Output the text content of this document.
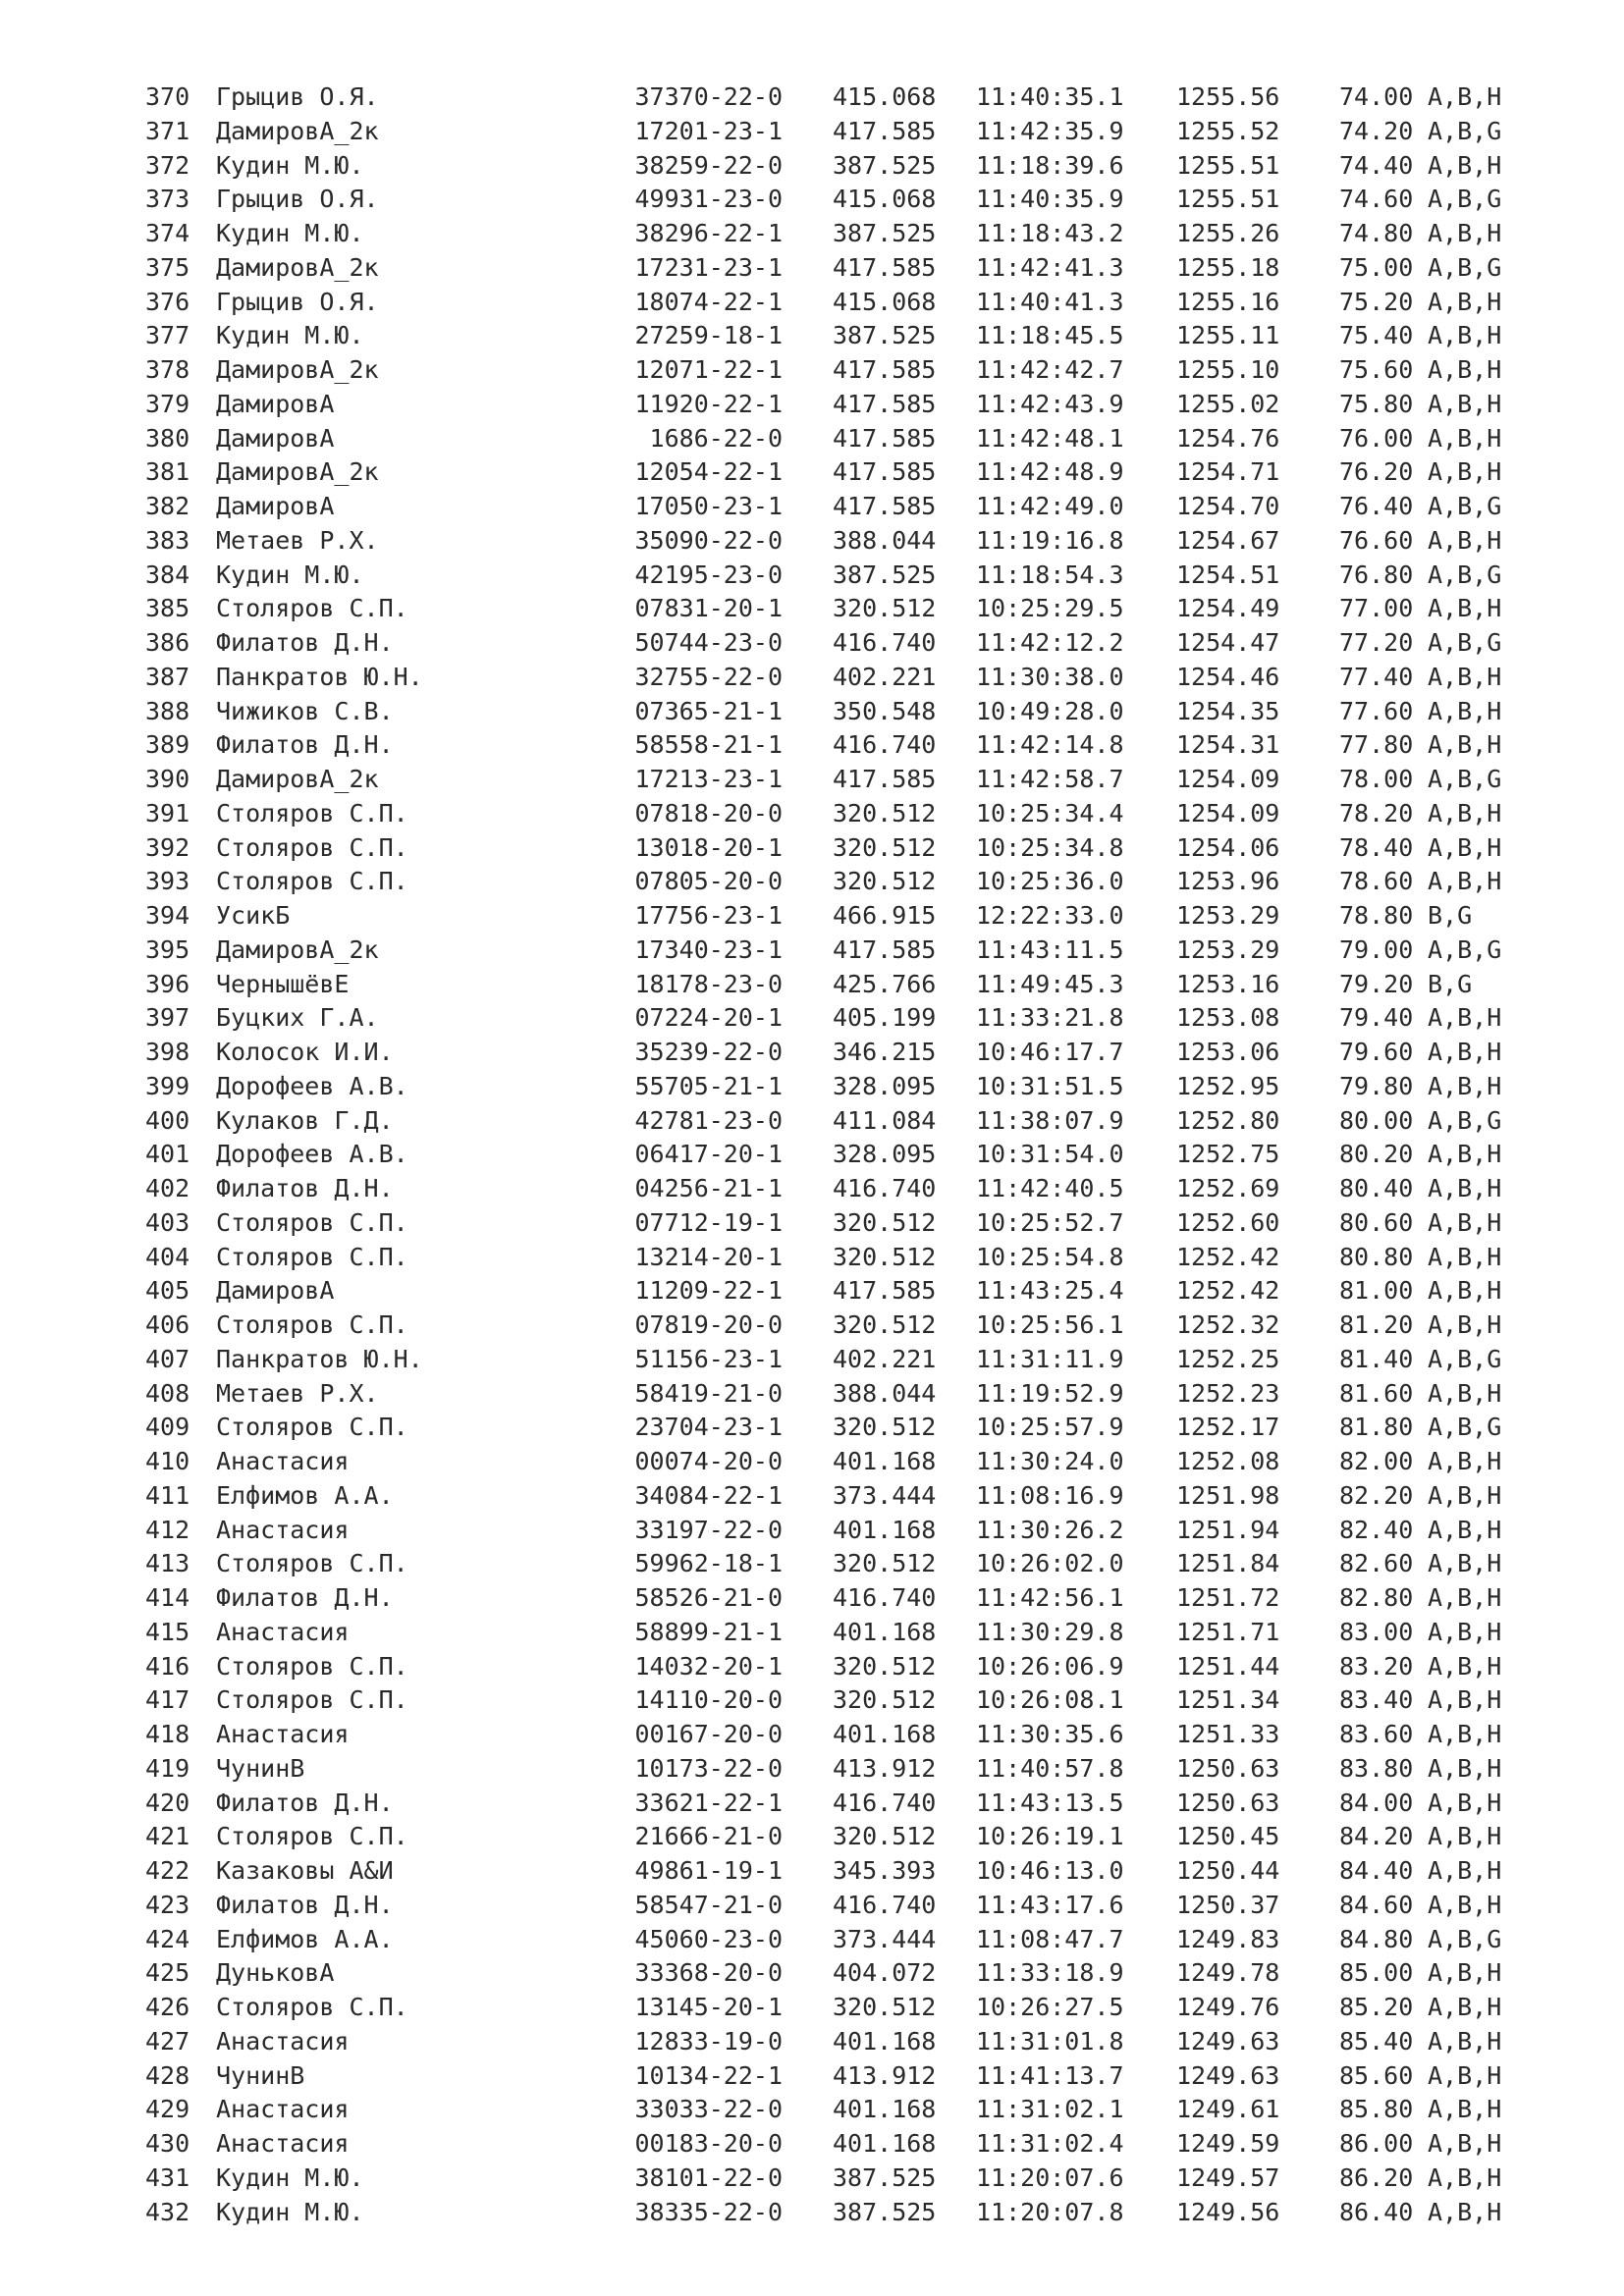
370 Грыцив О.Я.	37370-22-0 415.068 11:40:35.1 1255.56 74.00 A,B,H
371 ДамировА_2к	17201-23-1 417.585 11:42:35.9 1255.52 74.20 A,B,G
372 Кудин М.Ю.	38259-22-0 387.525 11:18:39.6 1255.51 74.40 A,B,H
373 Грыцив О.Я.	49931-23-0 415.068 11:40:35.9 1255.51 74.60 A,B,G
374 Кудин М.Ю.	38296-22-1 387.525 11:18:43.2 1255.26 74.80 A,B,H
375 ДамировА_2к	17231-23-1 417.585 11:42:41.3 1255.18 75.00 A,B,G
376 Грыцив О.Я.	18074-22-1 415.068 11:40:41.3 1255.16 75.20 A,B,H
377 Кудин М.Ю.	27259-18-1 387.525 11:18:45.5 1255.11 75.40 A,B,H
378 ДамировА_2к	12071-22-1 417.585 11:42:42.7 1255.10 75.60 A,B,H
379 ДамировА	11920-22-1 417.585 11:42:43.9 1255.02 75.80 A,B,H
380 ДамировА	1686-22-0 417.585 11:42:48.1 1254.76 76.00 A,B,H
381 ДамировА_2к	12054-22-1 417.585 11:42:48.9 1254.71 76.20 A,B,H
382 ДамировА	17050-23-1 417.585 11:42:49.0 1254.70 76.40 A,B,G
383 Метаев Р.Х.	35090-22-0 388.044 11:19:16.8 1254.67 76.60 A,B,H
384 Кудин М.Ю.	42195-23-0 387.525 11:18:54.3 1254.51 76.80 A,B,G
385 Столяров С.П.	07831-20-1 320.512 10:25:29.5 1254.49 77.00 A,B,H
386 Филатов Д.Н.	50744-23-0 416.740 11:42:12.2 1254.47 77.20 A,B,G
387 Панкратов Ю.Н.	32755-22-0 402.221 11:30:38.0 1254.46 77.40 A,B,H
388 Чижиков С.В.	07365-21-1 350.548 10:49:28.0 1254.35 77.60 A,B,H
389 Филатов Д.Н.	58558-21-1 416.740 11:42:14.8 1254.31 77.80 A,B,H
390 ДамировА_2к	17213-23-1 417.585 11:42:58.7 1254.09 78.00 A,B,G
391 Столяров С.П.	07818-20-0 320.512 10:25:34.4 1254.09 78.20 A,B,H
392 Столяров С.П.	13018-20-1 320.512 10:25:34.8 1254.06 78.40 A,B,H
393 Столяров С.П.	07805-20-0 320.512 10:25:36.0 1253.96 78.60 A,B,H
394 УсикБ	17756-23-1 466.915 12:22:33.0 1253.29 78.80 B,G
395 ДамировА_2к	17340-23-1 417.585 11:43:11.5 1253.29 79.00 A,B,G
396 ЧернышёвЕ	18178-23-0 425.766 11:49:45.3 1253.16 79.20 B,G
397 Буцких Г.А.	07224-20-1 405.199 11:33:21.8 1253.08 79.40 A,B,H
398 Колосок И.И.	35239-22-0 346.215 10:46:17.7 1253.06 79.60 A,B,H
399 Дорофеев А.В.	55705-21-1 328.095 10:31:51.5 1252.95 79.80 A,B,H
400 Кулаков Г.Д.	42781-23-0 411.084 11:38:07.9 1252.80 80.00 A,B,G
401 Дорофеев А.В.	06417-20-1 328.095 10:31:54.0 1252.75 80.20 A,B,H
402 Филатов Д.Н.	04256-21-1 416.740 11:42:40.5 1252.69 80.40 A,B,H
403 Столяров С.П.	07712-19-1 320.512 10:25:52.7 1252.60 80.60 A,B,H
404 Столяров С.П.	13214-20-1 320.512 10:25:54.8 1252.42 80.80 A,B,H
405 ДамировА	11209-22-1 417.585 11:43:25.4 1252.42 81.00 A,B,H
406 Столяров С.П.	07819-20-0 320.512 10:25:56.1 1252.32 81.20 A,B,H
407 Панкратов Ю.Н.	51156-23-1 402.221 11:31:11.9 1252.25 81.40 A,B,G
408 Метаев Р.Х.	58419-21-0 388.044 11:19:52.9 1252.23 81.60 A,B,H
409 Столяров С.П.	23704-23-1 320.512 10:25:57.9 1252.17 81.80 A,B,G
410 Анастасия	00074-20-0 401.168 11:30:24.0 1252.08 82.00 A,B,H
411 Елфимов А.А.	34084-22-1 373.444 11:08:16.9 1251.98 82.20 A,B,H
412 Анастасия	33197-22-0 401.168 11:30:26.2 1251.94 82.40 A,B,H
413 Столяров С.П.	59962-18-1 320.512 10:26:02.0 1251.84 82.60 A,B,H
414 Филатов Д.Н.	58526-21-0 416.740 11:42:56.1 1251.72 82.80 A,B,H
415 Анастасия	58899-21-1 401.168 11:30:29.8 1251.71 83.00 A,B,H
416 Столяров С.П.	14032-20-1 320.512 10:26:06.9 1251.44 83.20 A,B,H
417 Столяров С.П.	14110-20-0 320.512 10:26:08.1 1251.34 83.40 A,B,H
418 Анастасия	00167-20-0 401.168 11:30:35.6 1251.33 83.60 A,B,H
419 ЧунинВ	10173-22-0 413.912 11:40:57.8 1250.63 83.80 A,B,H
420 Филатов Д.Н.	33621-22-1 416.740 11:43:13.5 1250.63 84.00 A,B,H
421 Столяров С.П.	21666-21-0 320.512 10:26:19.1 1250.45 84.20 A,B,H
422 Казаковы А&И	49861-19-1 345.393 10:46:13.0 1250.44 84.40 A,B,H
423 Филатов Д.Н.	58547-21-0 416.740 11:43:17.6 1250.37 84.60 A,B,H
424 Елфимов А.А.	45060-23-0 373.444 11:08:47.7 1249.83 84.80 A,B,G
425 ДуньковА	33368-20-0 404.072 11:33:18.9 1249.78 85.00 A,B,H
426 Столяров С.П.	13145-20-1 320.512 10:26:27.5 1249.76 85.20 A,B,H
427 Анастасия	12833-19-0 401.168 11:31:01.8 1249.63 85.40 A,B,H
428 ЧунинВ	10134-22-1 413.912 11:41:13.7 1249.63 85.60 A,B,H
429 Анастасия	33033-22-0 401.168 11:31:02.1 1249.61 85.80 A,B,H
430 Анастасия	00183-20-0 401.168 11:31:02.4 1249.59 86.00 A,B,H
431 Кудин М.Ю.	38101-22-0 387.525 11:20:07.6 1249.57 86.20 A,B,H
432 Кудин М.Ю.	38335-22-0 387.525 11:20:07.8 1249.56 86.40 A,B,H
